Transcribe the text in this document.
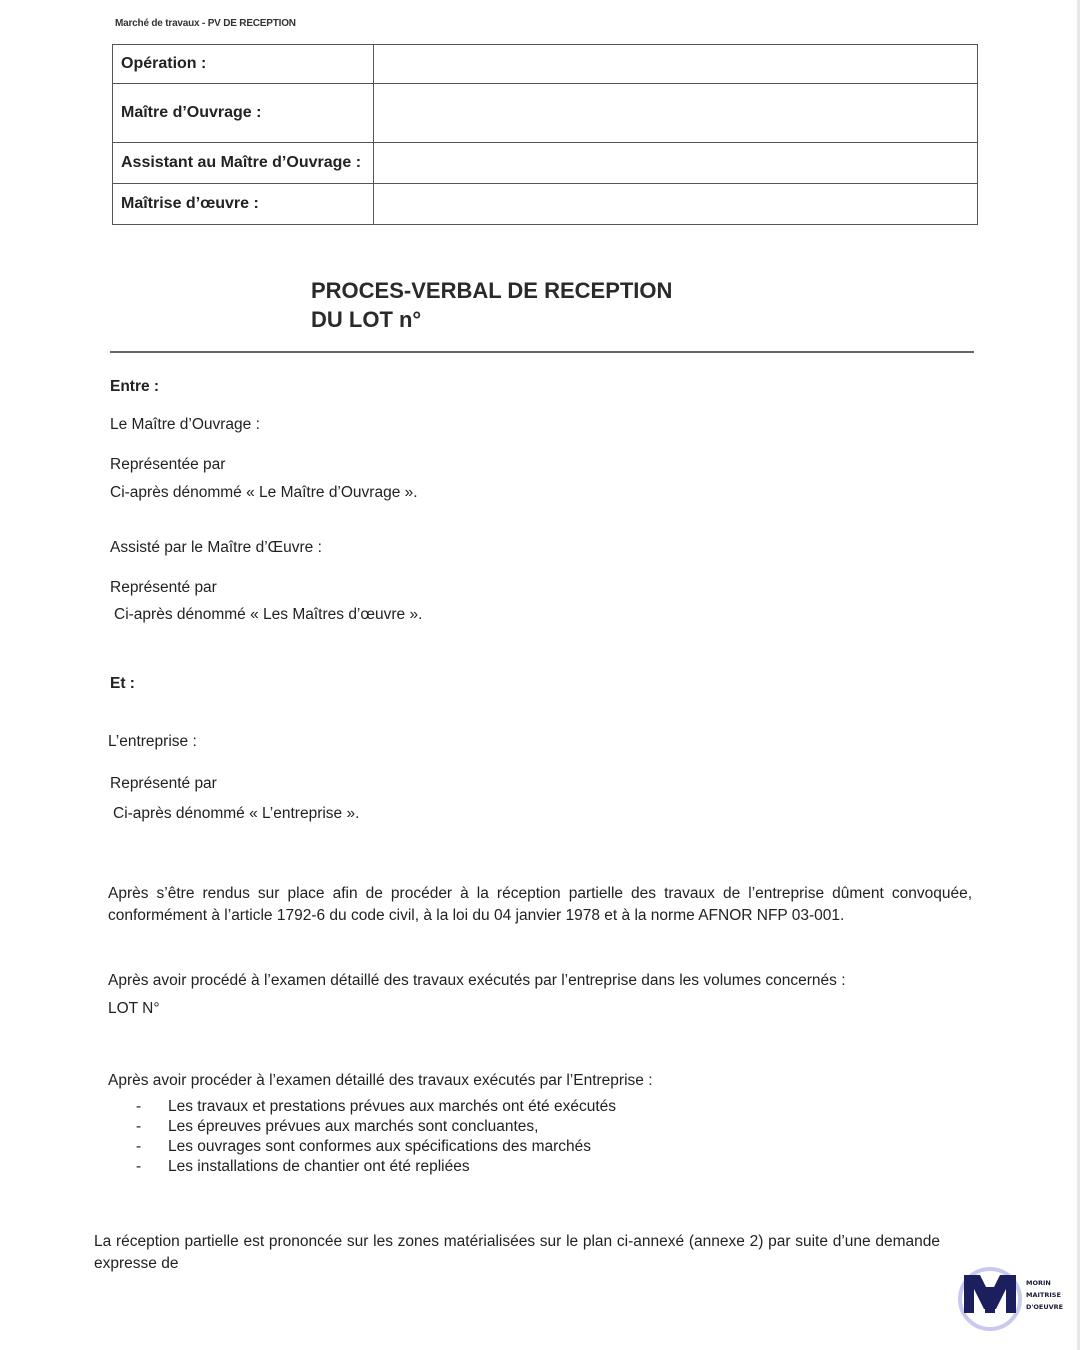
Marché de travaux - PV DE RECEPTION
Opération :	
Maître d’Ouvrage :	
Assistant au Maître d’Ouvrage :	
Maîtrise d’œuvre :	
PROCES-VERBAL DE RECEPTION
DU LOT n°
Entre :
Le Maître d’Ouvrage :
Représentée par
Ci-après dénommé « Le Maître d’Ouvrage ».
Assisté par le Maître d’Œuvre :
Représenté par
Ci-après dénommé « Les Maîtres d’œuvre ».
Et :
L’entreprise :
Représenté par
Ci-après dénommé « L’entreprise ».
Après s’être rendus sur place afin de procéder à la réception partielle des travaux de l’entreprise dûment convoquée, conformément à l’article 1792-6 du code civil, à la loi du 04 janvier 1978 et à la norme AFNOR NFP 03-001.
Après avoir procédé à l’examen détaillé des travaux exécutés par l’entreprise dans les volumes concernés :
LOT N°
Après avoir procéder à l’examen détaillé des travaux exécutés par l’Entreprise :
- Les travaux et prestations prévues aux marchés ont été exécutés
- Les épreuves prévues aux marchés sont concluantes,
- Les ouvrages sont conformes aux spécifications des marchés
- Les installations de chantier ont été repliées
La réception partielle est prononcée sur les zones matérialisées sur le plan ci-annexé (annexe 2) par suite d’une demande expresse de
MORIN
MAITRISE
D'OEUVRE
